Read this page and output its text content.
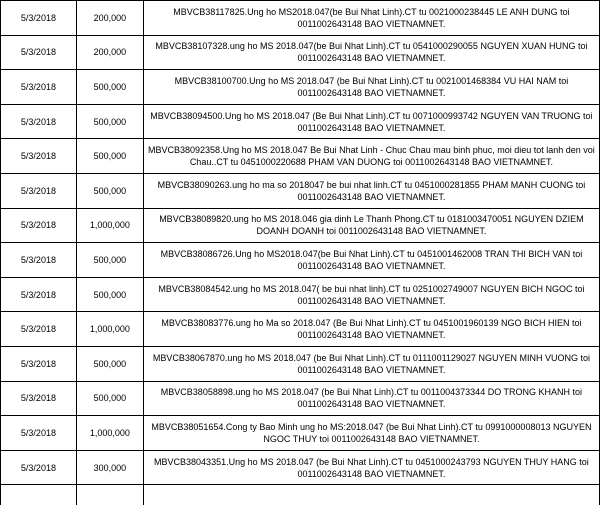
5/3/2018	200,000	MBVCB38117825.Ung ho MS2018.047(be Bui Nhat Linh).CT tu 0021000238445 LE ANH DUNG toi 0011002643148 BAO VIETNAMNET.
5/3/2018	200,000	MBVCB38107328.ung ho MS 2018.047(be Bui Nhat Linh).CT tu 0541000290055 NGUYEN XUAN HUNG toi 0011002643148 BAO VIETNAMNET.
5/3/2018	500,000	MBVCB38100700.Ung ho MS 2018.047 (be Bui Nhat Linh).CT tu 0021001468384 VU HAI NAM toi 0011002643148 BAO VIETNAMNET.
5/3/2018	500,000	MBVCB38094500.Ung ho MS 2018.047 (Be Bui Nhat Linh).CT tu 0071000993742 NGUYEN VAN TRUONG toi 0011002643148 BAO VIETNAMNET.
5/3/2018	500,000	MBVCB38092358.Ung ho MS 2018.047 Be Bui Nhat Linh - Chuc Chau mau binh phuc, moi dieu tot lanh den voi Chau..CT tu 0451000220688 PHAM VAN DUONG toi 0011002643148 BAO VIETNAMNET.
5/3/2018	500,000	MBVCB38090263.ung ho ma so 2018047 be bui nhat linh.CT tu 0451000281855 PHAM MANH CUONG toi 0011002643148 BAO VIETNAMNET.
5/3/2018	1,000,000	MBVCB38089820.ung ho MS 2018.046 gia dinh Le Thanh Phong.CT tu 0181003470051 NGUYEN DZIEM DOANH DOANH toi 0011002643148 BAO VIETNAMNET.
5/3/2018	500,000	MBVCB38086726.Ung ho MS2018.047(be Bui Nhat Linh).CT tu 0451001462008 TRAN THI BICH VAN toi 0011002643148 BAO VIETNAMNET.
5/3/2018	500,000	MBVCB38084542.ung ho MS 2018.047( be bui nhat linh).CT tu 0251002749007 NGUYEN BICH NGOC toi 0011002643148 BAO VIETNAMNET.
5/3/2018	1,000,000	MBVCB38083776.ung ho Ma so 2018.047 (Be Bui Nhat Linh).CT tu 0451001960139 NGO BICH HIEN toi 0011002643148 BAO VIETNAMNET.
5/3/2018	500,000	MBVCB38067870.ung ho MS 2018.047 (be Bui Nhat Linh).CT tu 0111001129027 NGUYEN MINH VUONG toi 0011002643148 BAO VIETNAMNET.
5/3/2018	500,000	MBVCB38058898.ung ho MS 2018.047 (be Bui Nhat Linh).CT tu 0011004373344 DO TRONG KHANH toi 0011002643148 BAO VIETNAMNET.
5/3/2018	1,000,000	MBVCB38051654.Cong ty Bao Minh ung ho MS:2018.047 (be Bui Nhat Linh).CT tu 0991000008013 NGUYEN NGOC THUY toi 0011002643148 BAO VIETNAMNET.
5/3/2018	300,000	MBVCB38043351.Ung ho MS 2018.047 (be Bui Nhat Linh).CT tu 0451000243793 NGUYEN THUY HANG toi 0011002643148 BAO VIETNAMNET.
